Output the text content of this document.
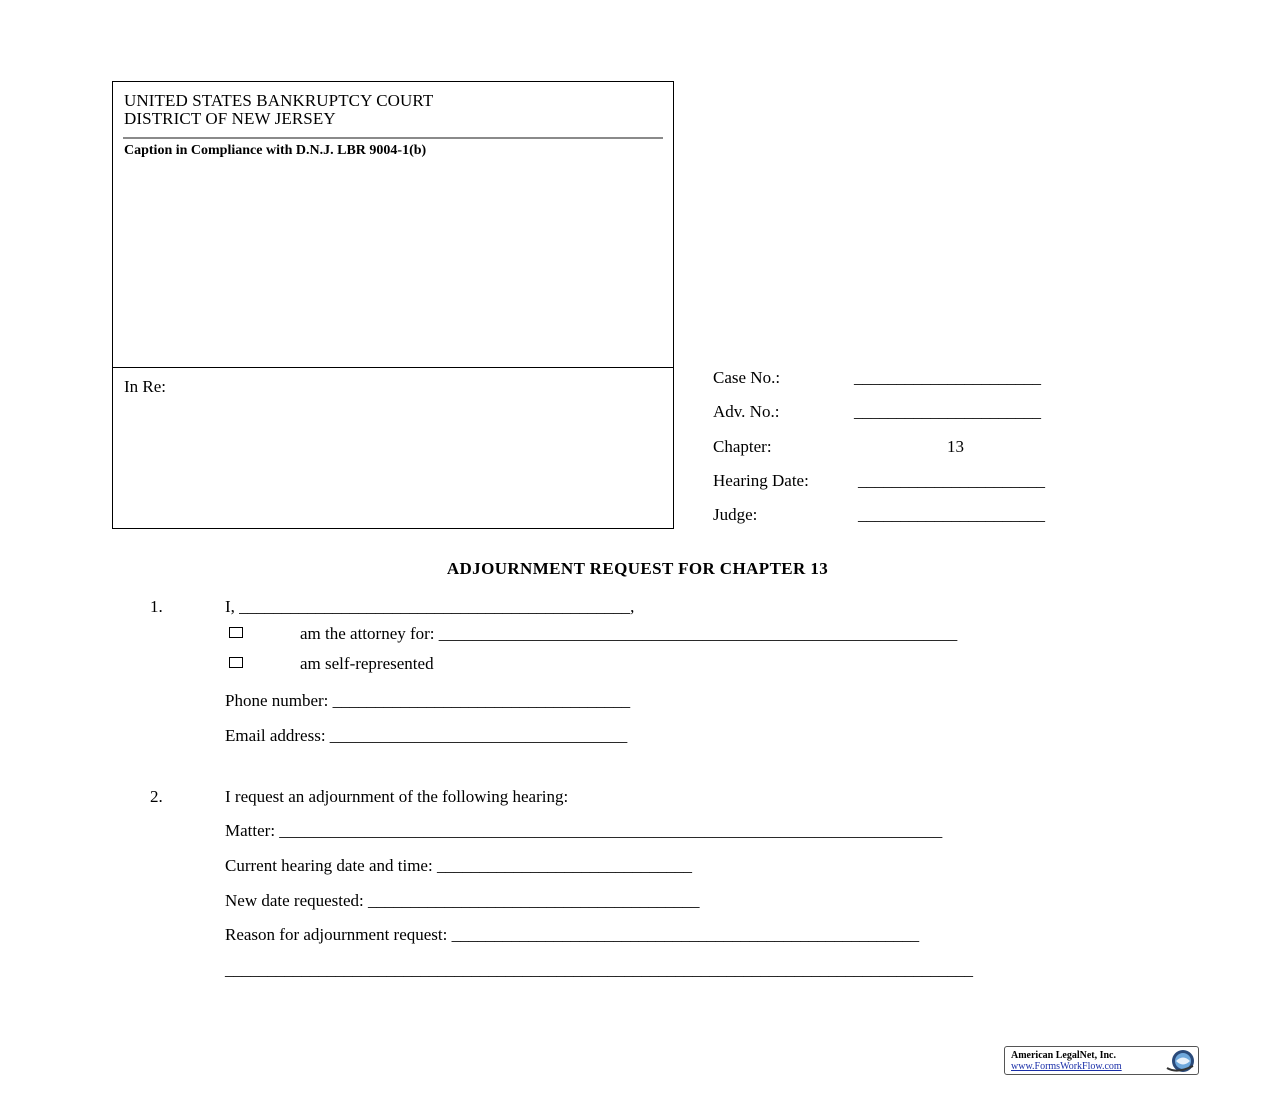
UNITED STATES BANKRUPTCY COURT
DISTRICT OF NEW JERSEY
Caption in Compliance with D.N.J. LBR 9004-1(b)
In Re:	Case No.:	______________________
Adv. No.:	______________________
Chapter:	13
Hearing Date:	______________________
Judge:	______________________
ADJOURNMENT REQUEST FOR CHAPTER 13
1.	I, ______________________________________________,
am the attorney for: _____________________________________________________________
am self-represented
Phone number: ___________________________________
Email address: ___________________________________
2.	I request an adjournment of the following hearing:
Matter: ______________________________________________________________________________
Current hearing date and time: ______________________________
New date requested: _______________________________________
Reason for adjournment request: _______________________________________________________
________________________________________________________________________________________
American LegalNet, Inc.
www.FormsWorkFlow.com
